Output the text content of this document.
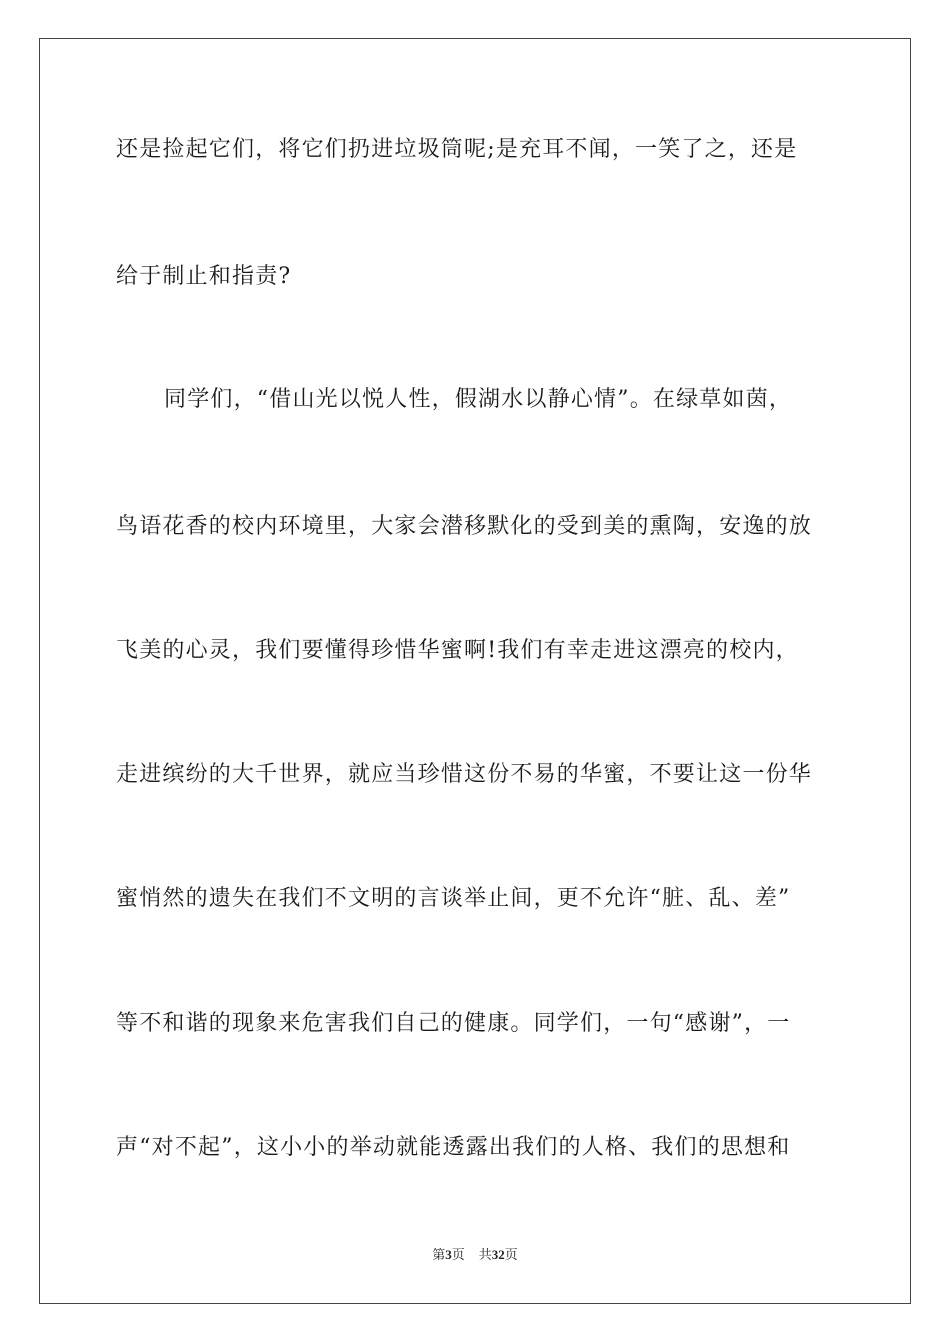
还是捡起它们，将它们扔进垃圾筒呢;是充耳不闻，一笑了之，还是
给于制止和指责?
同学们，“借山光以悦人性，假湖水以静心情”。在绿草如茵，
鸟语花香的校内环境里，大家会潜移默化的受到美的熏陶，安逸的放
飞美的心灵，我们要懂得珍惜华蜜啊!我们有幸走进这漂亮的校内，
走进缤纷的大千世界，就应当珍惜这份不易的华蜜，不要让这一份华
蜜悄然的遗失在我们不文明的言谈举止间，更不允许“脏、乱、差”
等不和谐的现象来危害我们自己的健康。同学们，一句“感谢”，一
声“对不起”，这小小的举动就能透露出我们的人格、我们的思想和
第3页 共32页
